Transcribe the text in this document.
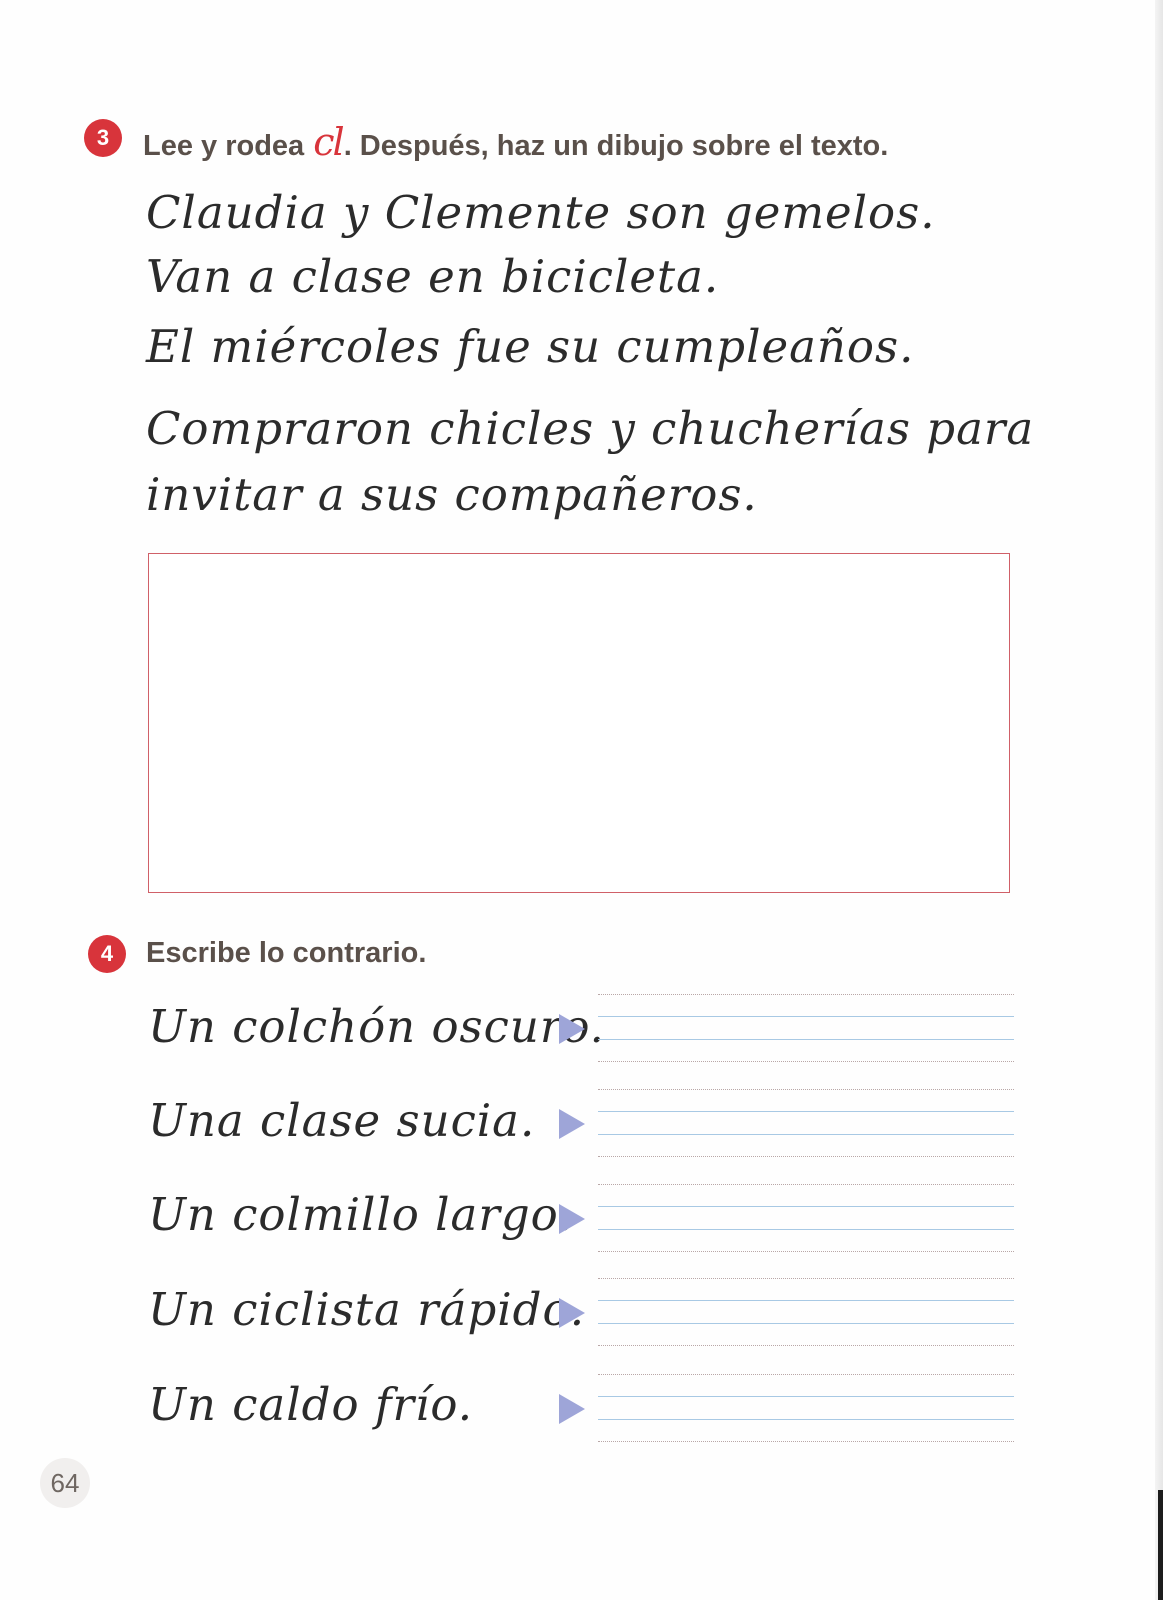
3	Lee y rodea cl. Después, haz un dibujo sobre el texto.
Claudia y Clemente son gemelos.
Van a clase en bicicleta.
El miércoles fue su cumpleaños.
Compraron chicles y chucherías para
invitar a sus compañeros.
4	Escribe lo contrario.
Un colchón oscuro.
Una clase sucia.
Un colmillo largo.
Un ciclista rápido.
Un caldo frío.
64
